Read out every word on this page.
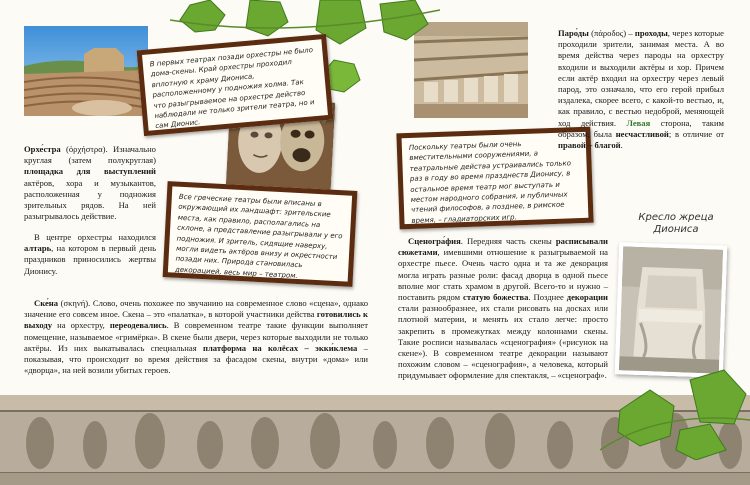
В первых театрах позади орхестры не было дома-скены. Край орхестры проходил вплотную к храму Диониса, расположенному у подножия холма. Так что разыгрываемое на орхестре действо наблюдали не только зрители театра, но и сам Дионис.
Все греческие театры были вписаны в окружающий их ландшафт: зрительские места, как правило, располагались на склоне, а представление разыгрывали у его подножия. И зритель, сидящие наверху, могли видеть актёров внизу и окрестности позади них. Природа становилась декорацией, весь мир – театром.
Поскольку театры были очень вместительными сооружениями, а театральные действа устраивались только раз в году во время празднеств Дионису, в остальное время театр мог выступать и местом народного собрания, и публичных чтений философов, а позднее, в римское время, – гладиаторских игр.
Орхе́стра (ὀρχήστρα). Изначально круглая (затем полукруглая) площадка для выступлений актёров, хора и музыкантов, расположенная у подножия зрительных рядов. На ней разыгрывалось действие.
В центре орхестры находился алтарь, на котором в первый день праздников приносились жертвы Дионису.
Ске́на (σκηνή). Слово, очень похожее по звучанию на современное слово «сцена», однако значение его совсем иное. Скена – это «палатка», в которой участники действа готовились к выходу на орхестру, переодевались. В современном театре такие функции выполняет помещение, называемое «гримёрка». В скене были двери, через которые выходили не только актёры. Из них выкатывалась специальная платформа на колёсах – экки́клема – показывая, что происходит во время действия за фасадом скены, внутри «дома» или «дворца», на ней возили убитых героев.
Паро́ды (πάροδος) – проходы, через которые проходили зрители, занимая места. А во время действа через пароды на орхестру входили и выходили актёры и хор. Причем если актёр входил на орхестру через левый парод, это означало, что его герой прибыл издалека, скорее всего, с какой-то вестью, и, как правило, с вестью недоброй, меняющей ход действия. Левая сторона, таким образом, была несчастливой; в отличие от правой – благой.
Сценогра́фия. Передняя часть скены расписывали сюжетами, имевшими отношение к разыгрываемой на орхестре пьесе. Очень часто одна и та же декорация могла играть разные роли: фасад дворца в одной пьесе вполне мог стать храмом в другой. Всего-то и нужно – поставить рядом статую божества. Позднее декорации стали разнообразнее, их стали рисовать на досках или плотной материи, и менять их стало легче: просто закрепить в промежутках между колоннами скены. Такие росписи называлась «сценография» («рисунок на скене»). В современном театре декорации называют похожим словом – «сценография», а человека, который придумывает оформление для спектакля, – «сценограф».
Кресло жреца Диониса
